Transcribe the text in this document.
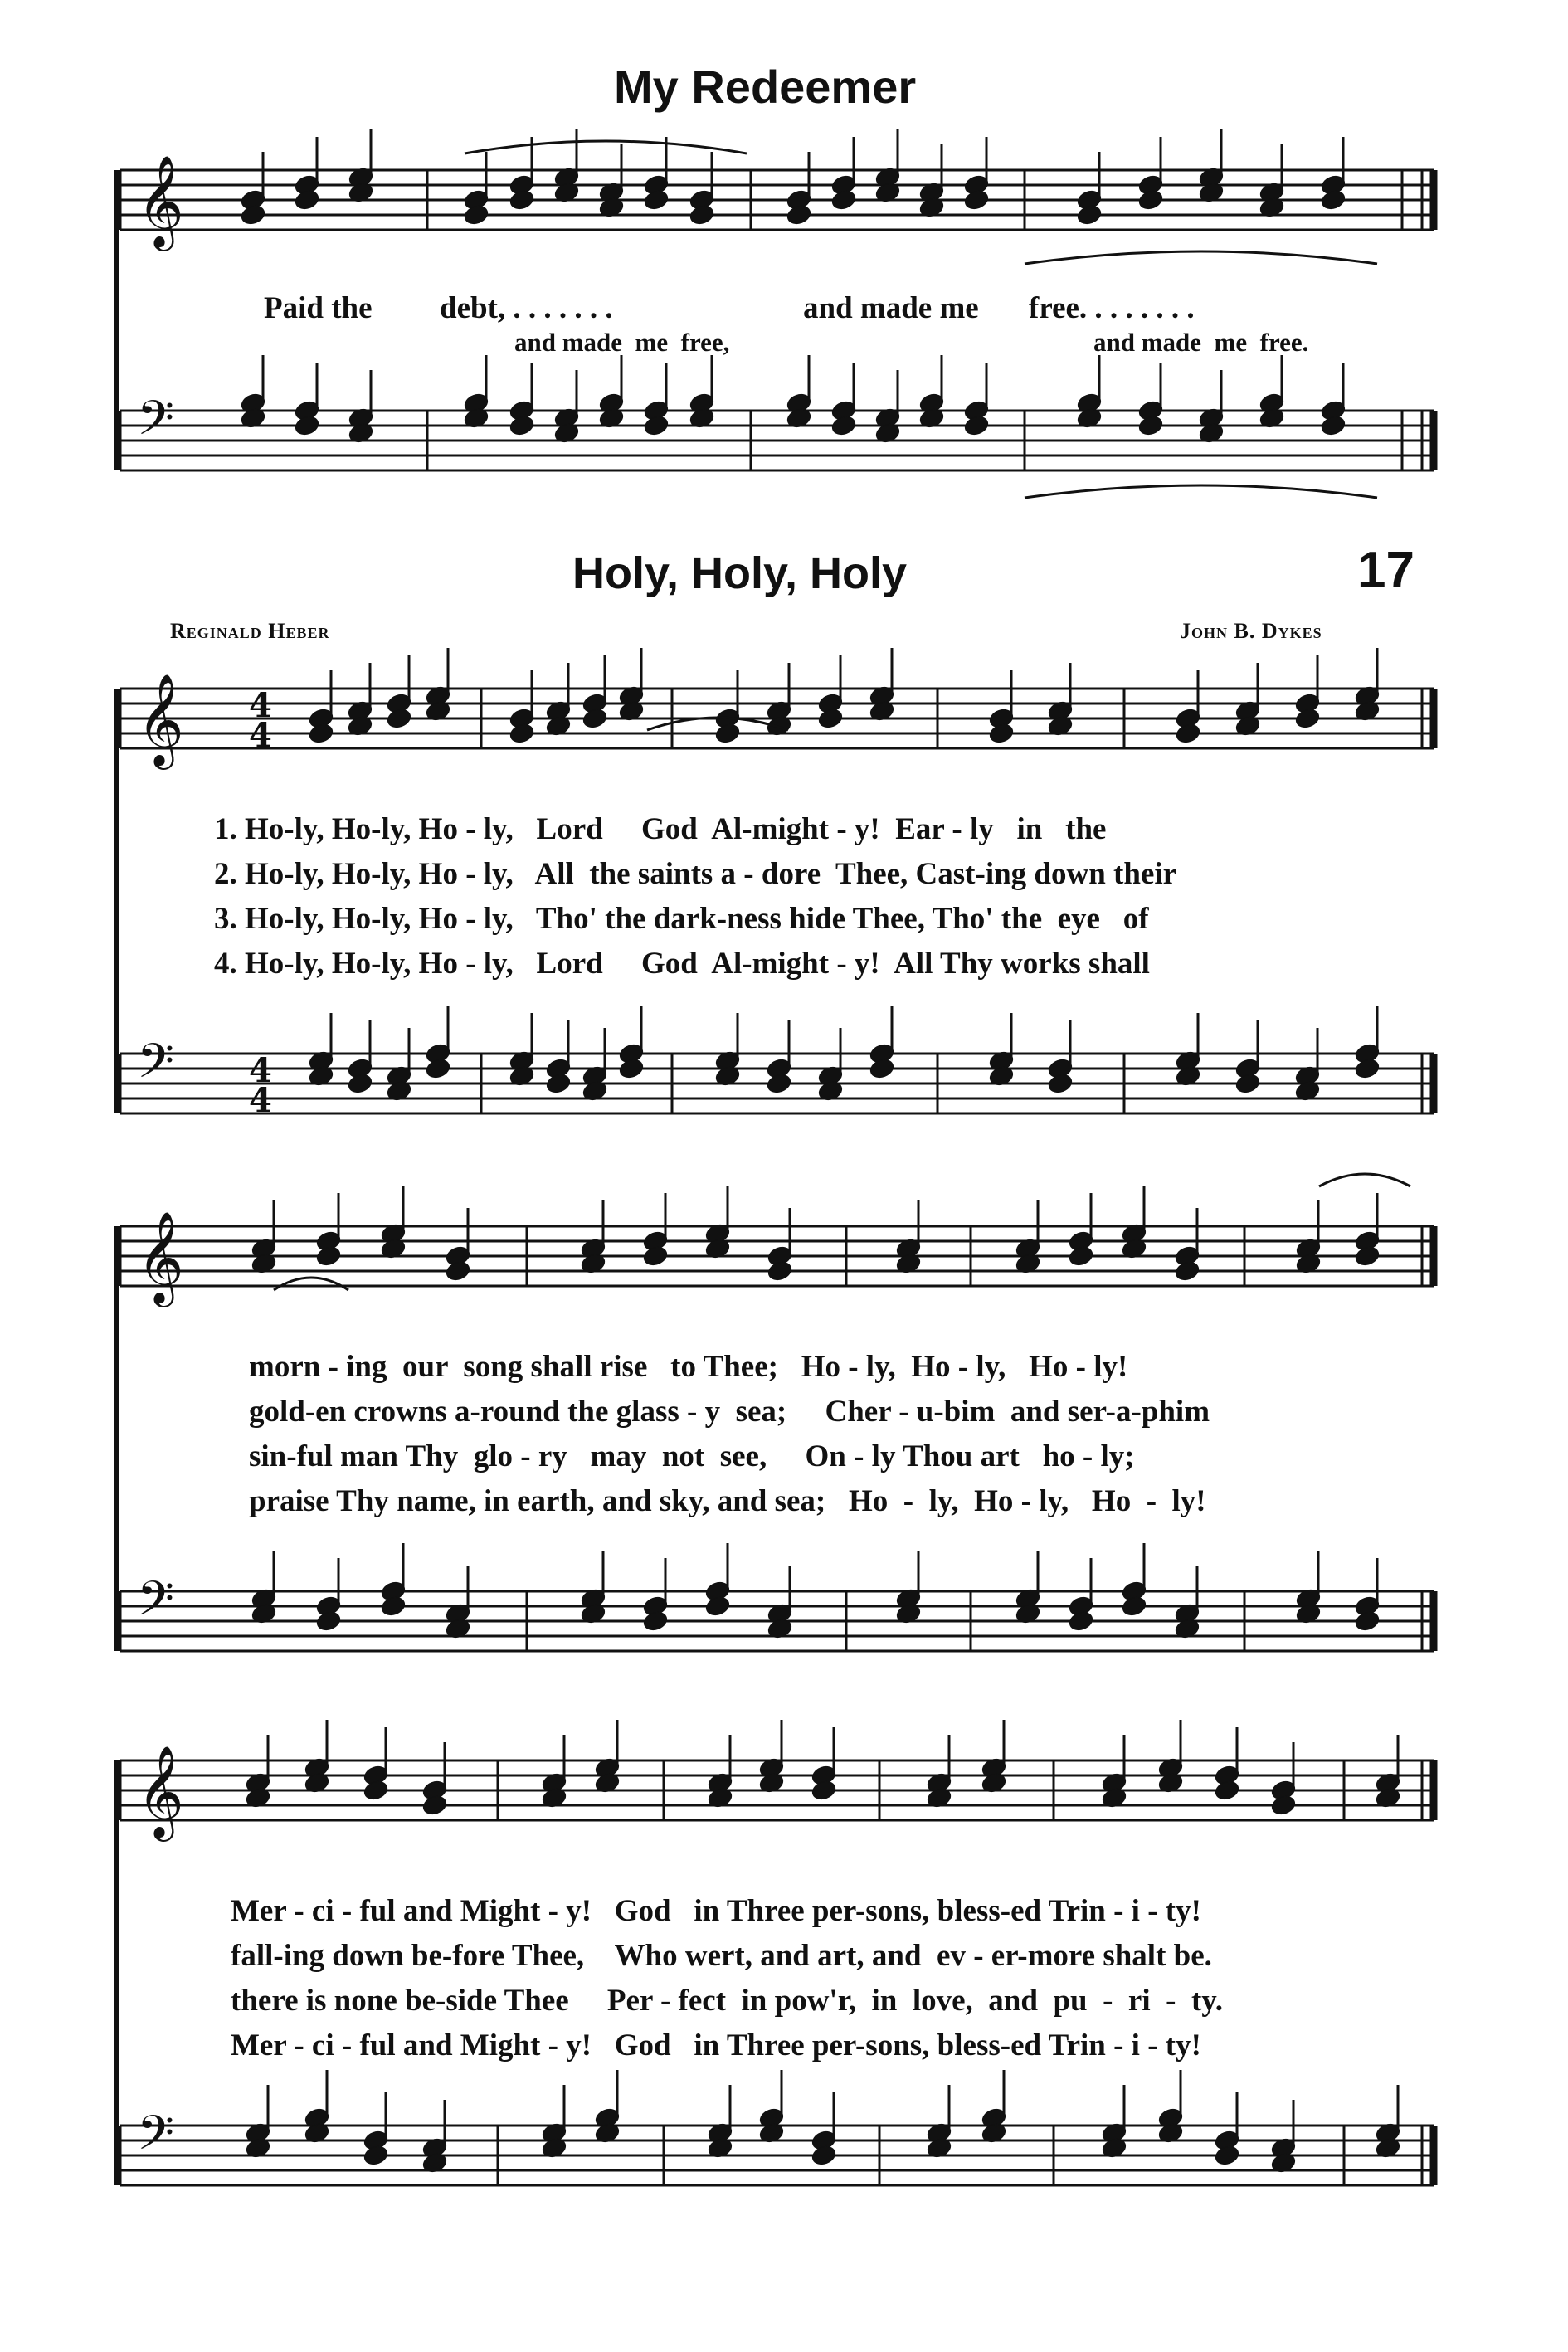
𝄞
𝄢
𝄞
𝄢
𝄞
𝄢
𝄞
𝄢
4
4
4
4
My Redeemer
Paid the debt, . . . . . . .	and made me free. . . . . . . .
and made  me  free,	and made  me  free.
Holy, Holy, Holy	17
Reginald Heber	John B. Dykes
1. Ho-ly, Ho-ly, Ho - ly,   Lord     God  Al-might - y!  Ear - ly   in   the
2. Ho-ly, Ho-ly, Ho - ly,   All  the saints a - dore  Thee, Cast-ing down their
3. Ho-ly, Ho-ly, Ho - ly,   Tho' the dark-ness hide Thee, Tho' the  eye   of
4. Ho-ly, Ho-ly, Ho - ly,   Lord     God  Al-might - y!  All Thy works shall
morn - ing  our  song shall rise   to Thee;   Ho - ly,  Ho - ly,   Ho - ly!
gold-en crowns a-round the glass - y  sea;     Cher - u-bim  and ser-a-phim
sin-ful man Thy  glo - ry   may  not  see,     On - ly Thou art   ho - ly;
praise Thy name, in earth, and sky, and sea;   Ho  -  ly,  Ho - ly,   Ho  -  ly!
Mer - ci - ful and Might - y!   God   in Three per-sons, bless-ed Trin - i - ty!
fall-ing down be-fore Thee,    Who wert, and art, and  ev - er-more shalt be.
there is none be-side Thee     Per - fect  in pow'r,  in  love,  and  pu  -  ri  -  ty.
Mer - ci - ful and Might - y!   God   in Three per-sons, bless-ed Trin - i - ty!
